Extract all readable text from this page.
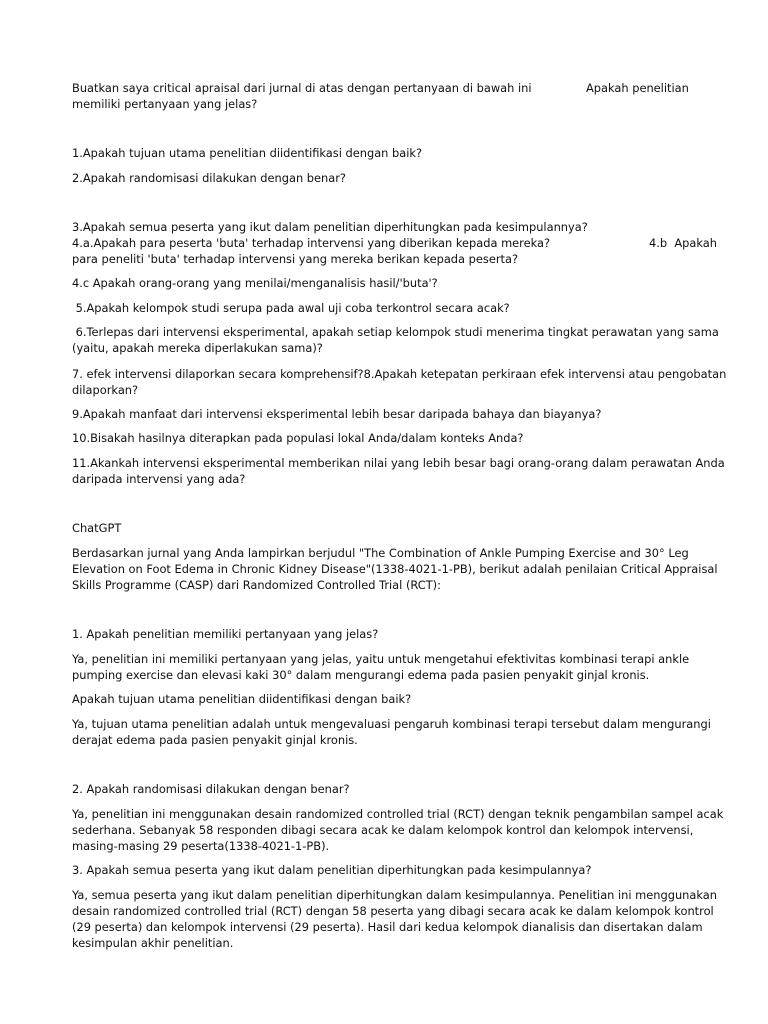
Buatkan saya critical apraisal dari jurnal di atas dengan pertanyaan di bawah ini	Apakah penelitian

memiliki pertanyaan yang jelas?

1.Apakah tujuan utama penelitian diidentifikasi dengan baik?

2.Apakah randomisasi dilakukan dengan benar?

3.Apakah semua peserta yang ikut dalam penelitian diperhitungkan pada kesimpulannya?

4.a.Apakah para peserta 'buta' terhadap intervensi yang diberikan kepada mereka?	4.b  Apakah

para peneliti 'buta' terhadap intervensi yang mereka berikan kepada peserta?

4.c Apakah orang-orang yang menilai/menganalisis hasil/'buta'?

5.Apakah kelompok studi serupa pada awal uji coba terkontrol secara acak?

6.Terlepas dari intervensi eksperimental, apakah setiap kelompok studi menerima tingkat perawatan yang sama (yaitu, apakah mereka diperlakukan sama)?

7. efek intervensi dilaporkan secara komprehensif?8.Apakah ketepatan perkiraan efek intervensi atau pengobatan dilaporkan?

9.Apakah manfaat dari intervensi eksperimental lebih besar daripada bahaya dan biayanya?

10.Bisakah hasilnya diterapkan pada populasi lokal Anda/dalam konteks Anda?

11.Akankah intervensi eksperimental memberikan nilai yang lebih besar bagi orang-orang dalam perawatan Anda daripada intervensi yang ada?

ChatGPT

Berdasarkan jurnal yang Anda lampirkan berjudul "The Combination of Ankle Pumping Exercise and 30° Leg Elevation on Foot Edema in Chronic Kidney Disease"(1338-4021-1-PB), berikut adalah penilaian Critical Appraisal Skills Programme (CASP) dari Randomized Controlled Trial (RCT):

1. Apakah penelitian memiliki pertanyaan yang jelas?

Ya, penelitian ini memiliki pertanyaan yang jelas, yaitu untuk mengetahui efektivitas kombinasi terapi ankle pumping exercise dan elevasi kaki 30° dalam mengurangi edema pada pasien penyakit ginjal kronis.

Apakah tujuan utama penelitian diidentifikasi dengan baik?

Ya, tujuan utama penelitian adalah untuk mengevaluasi pengaruh kombinasi terapi tersebut dalam mengurangi derajat edema pada pasien penyakit ginjal kronis.

2. Apakah randomisasi dilakukan dengan benar?

Ya, penelitian ini menggunakan desain randomized controlled trial (RCT) dengan teknik pengambilan sampel acak sederhana. Sebanyak 58 responden dibagi secara acak ke dalam kelompok kontrol dan kelompok intervensi, masing-masing 29 peserta(1338-4021-1-PB).

3. Apakah semua peserta yang ikut dalam penelitian diperhitungkan pada kesimpulannya?

Ya, semua peserta yang ikut dalam penelitian diperhitungkan dalam kesimpulannya. Penelitian ini menggunakan desain randomized controlled trial (RCT) dengan 58 peserta yang dibagi secara acak ke dalam kelompok kontrol (29 peserta) dan kelompok intervensi (29 peserta). Hasil dari kedua kelompok dianalisis dan disertakan dalam kesimpulan akhir penelitian.
